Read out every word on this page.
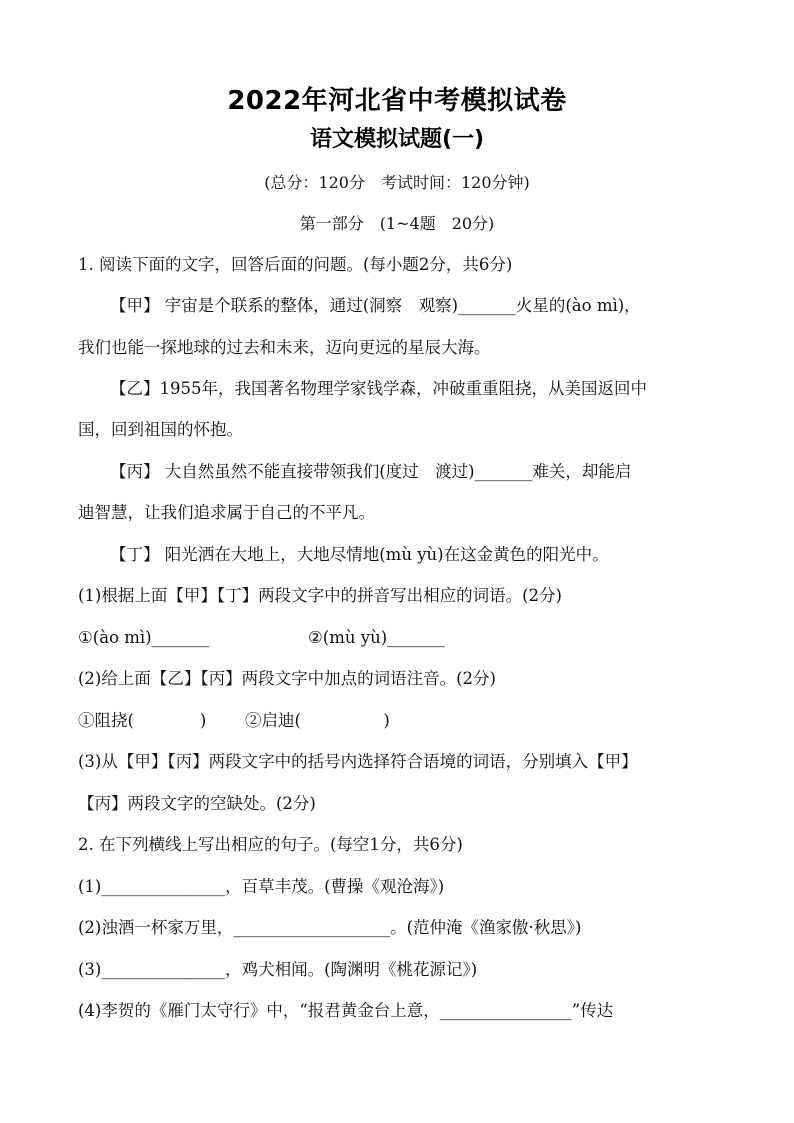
2022年河北省中考模拟试卷
语文模拟试题(一)
(总分：120分　考试时间：120分钟)
第一部分　(1~4题　20分)
1. 阅读下面的文字，回答后面的问题。(每小题2分，共6分)
【甲】 宇宙是个联系的整体，通过(洞察　观察)_______火星的(ào mì)，
我们也能一探地球的过去和未来，迈向更远的星辰大海。
【乙】1955年，我国著名物理学家钱学森，冲破重重阻挠，从美国返回中
国，回到祖国的怀抱。
【丙】 大自然虽然不能直接带领我们(度过　渡过)_______难关，却能启
迪智慧，让我们追求属于自己的不平凡。
【丁】 阳光洒在大地上，大地尽情地(mù yù)在这金黄色的阳光中。
(1)根据上面【甲】【丁】两段文字中的拼音写出相应的词语。(2分)
①(ào mì)_______	②(mù yù)_______
(2)给上面【乙】【丙】两段文字中加点的词语注音。(2分)
①阻挠(　　　　) ②启迪(　　　　　)
(3)从【甲】【丙】两段文字中的括号内选择符合语境的词语，分别填入【甲】
【丙】两段文字的空缺处。(2分)
2. 在下列横线上写出相应的句子。(每空1分，共6分)
(1)_______________，百草丰茂。(曹操《观沧海》)
(2)浊酒一杯家万里，___________________。(范仲淹《渔家傲·秋思》)
(3)_______________，鸡犬相闻。(陶渊明《桃花源记》)
(4)李贺的《雁门太守行》中，“报君黄金台上意，________________”传达
